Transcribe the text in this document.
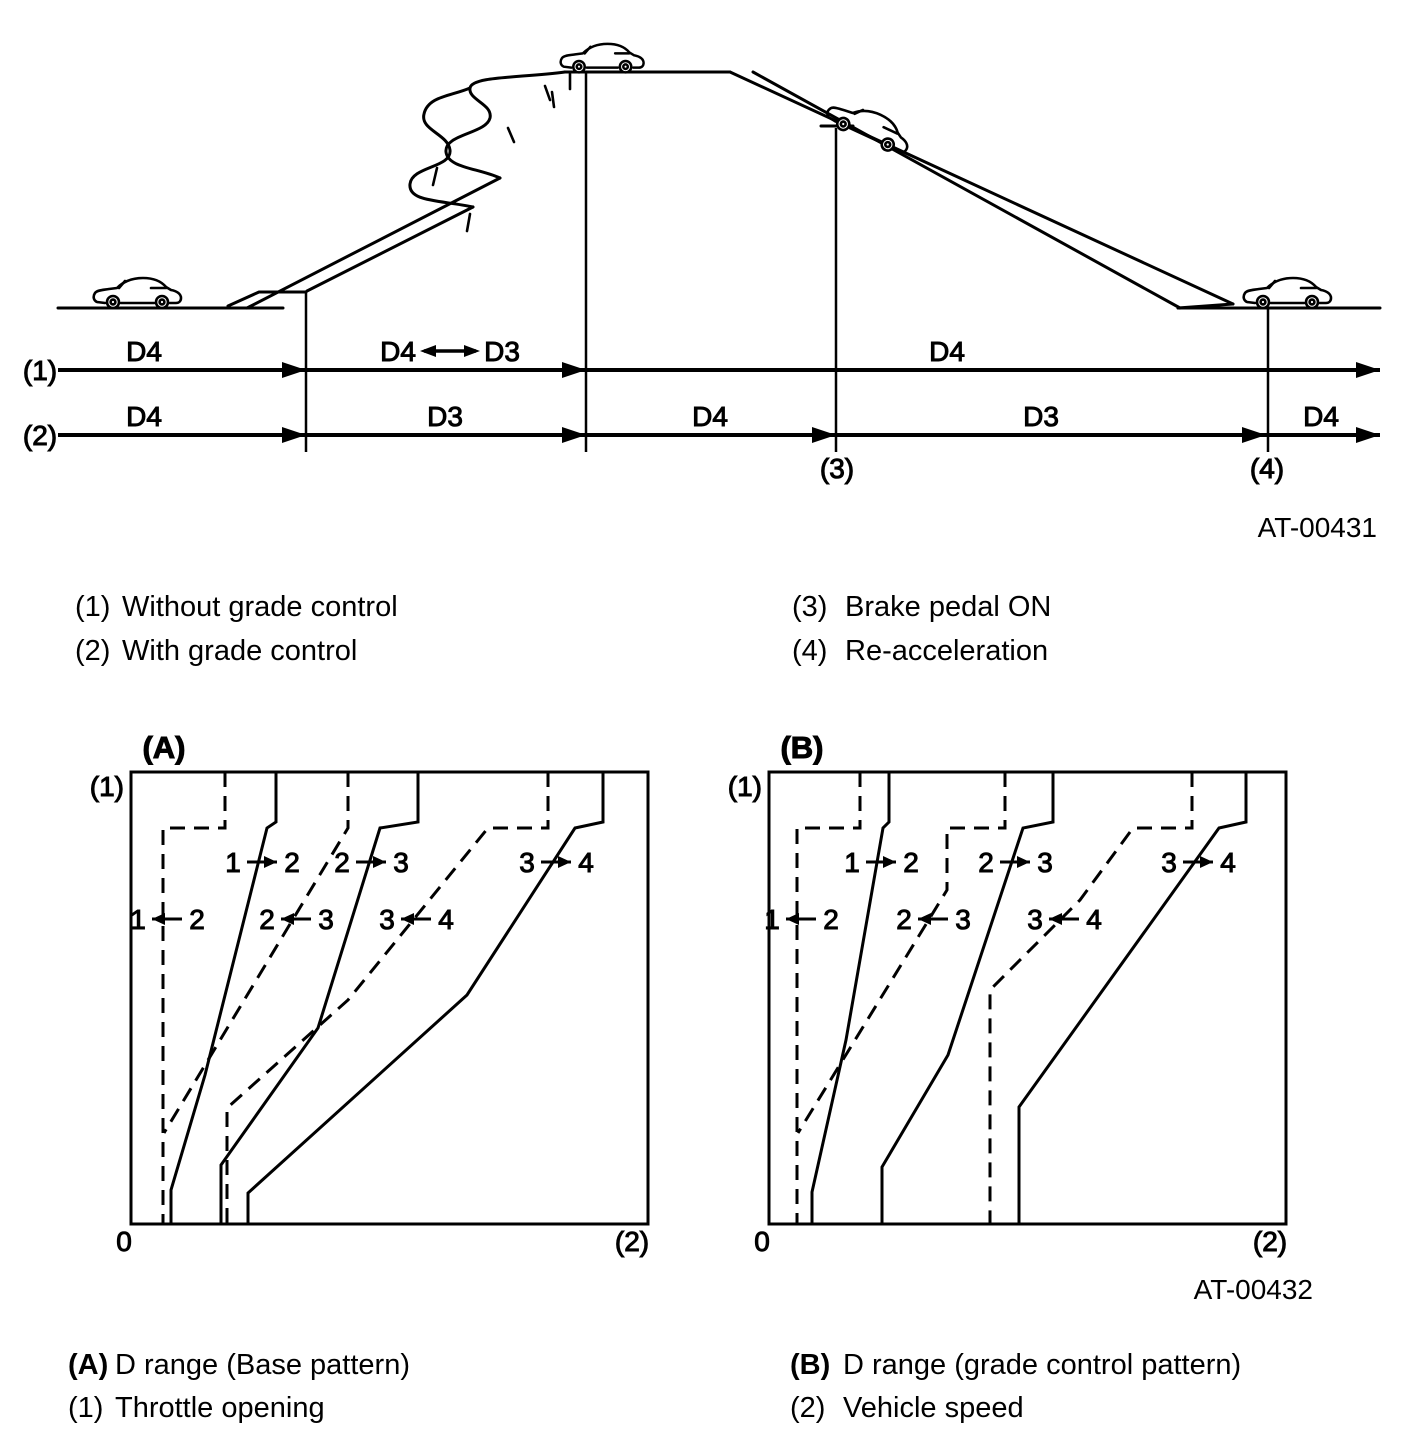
(1)
D4	D4 D3	D4
(2)
D4	D3	D4	D3	D4
(3)	(4)
1 2 2 3	3 4
1 2 2 3 3 4
(A)
(1)
0	(2)
1 2 2 3	3 4
1 2 2 3 3 4
(B)
(1)
0	(2)
(1) Without grade control
(2) With grade control
(3) Brake pedal ON
(4) Re-acceleration
(A) D range (Base pattern)
(1) Throttle opening
(B) D range (grade control pattern)
(2) Vehicle speed
AT-00431
AT-00432
